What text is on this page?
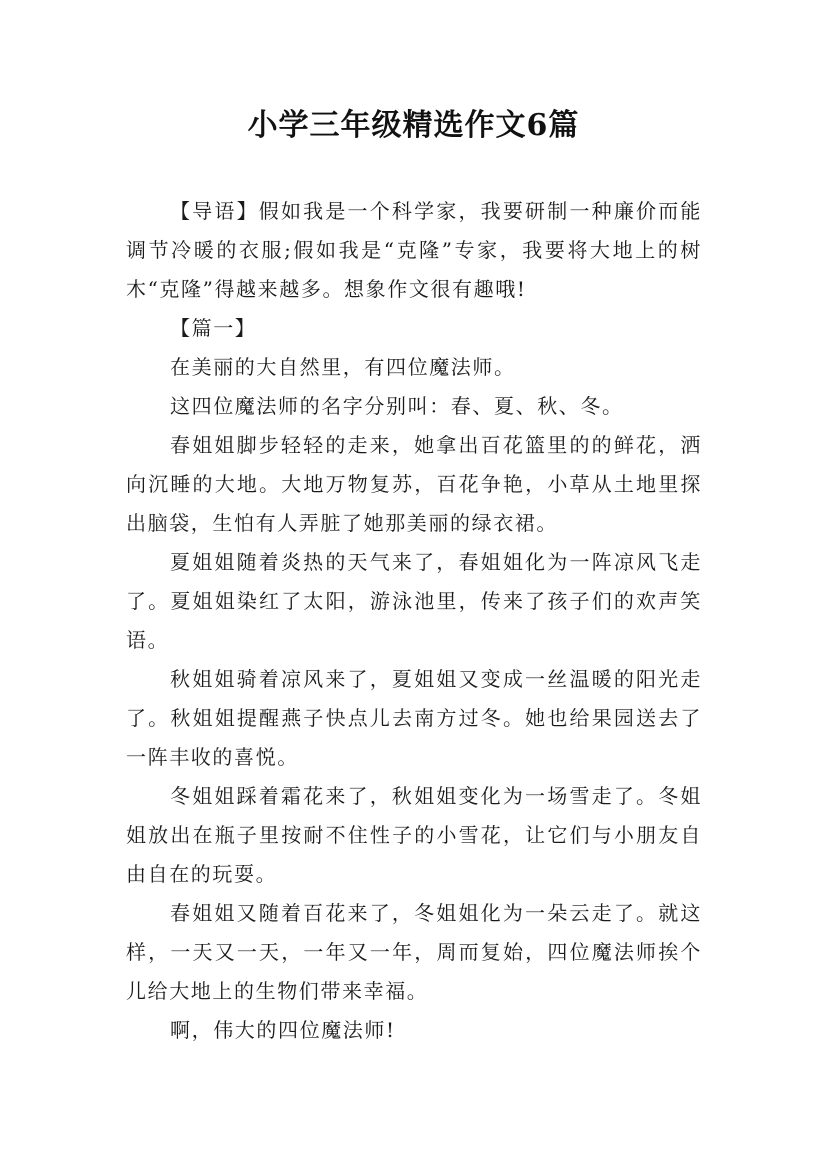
小学三年级精选作文6篇

【导语】假如我是一个科学家，我要研制一种廉价而能调节冷暖的衣服;假如我是“克隆”专家，我要将大地上的树木“克隆”得越来越多。想象作文很有趣哦!

【篇一】

在美丽的大自然里，有四位魔法师。

这四位魔法师的名字分别叫：春、夏、秋、冬。

春姐姐脚步轻轻的走来，她拿出百花篮里的的鲜花，洒向沉睡的大地。大地万物复苏，百花争艳，小草从土地里探出脑袋，生怕有人弄脏了她那美丽的绿衣裙。

夏姐姐随着炎热的天气来了，春姐姐化为一阵凉风飞走了。夏姐姐染红了太阳，游泳池里，传来了孩子们的欢声笑语。

秋姐姐骑着凉风来了，夏姐姐又变成一丝温暖的阳光走了。秋姐姐提醒燕子快点儿去南方过冬。她也给果园送去了一阵丰收的喜悦。

冬姐姐踩着霜花来了，秋姐姐变化为一场雪走了。冬姐姐放出在瓶子里按耐不住性子的小雪花，让它们与小朋友自由自在的玩耍。

春姐姐又随着百花来了，冬姐姐化为一朵云走了。就这样，一天又一天，一年又一年，周而复始，四位魔法师挨个儿给大地上的生物们带来幸福。

啊，伟大的四位魔法师!
